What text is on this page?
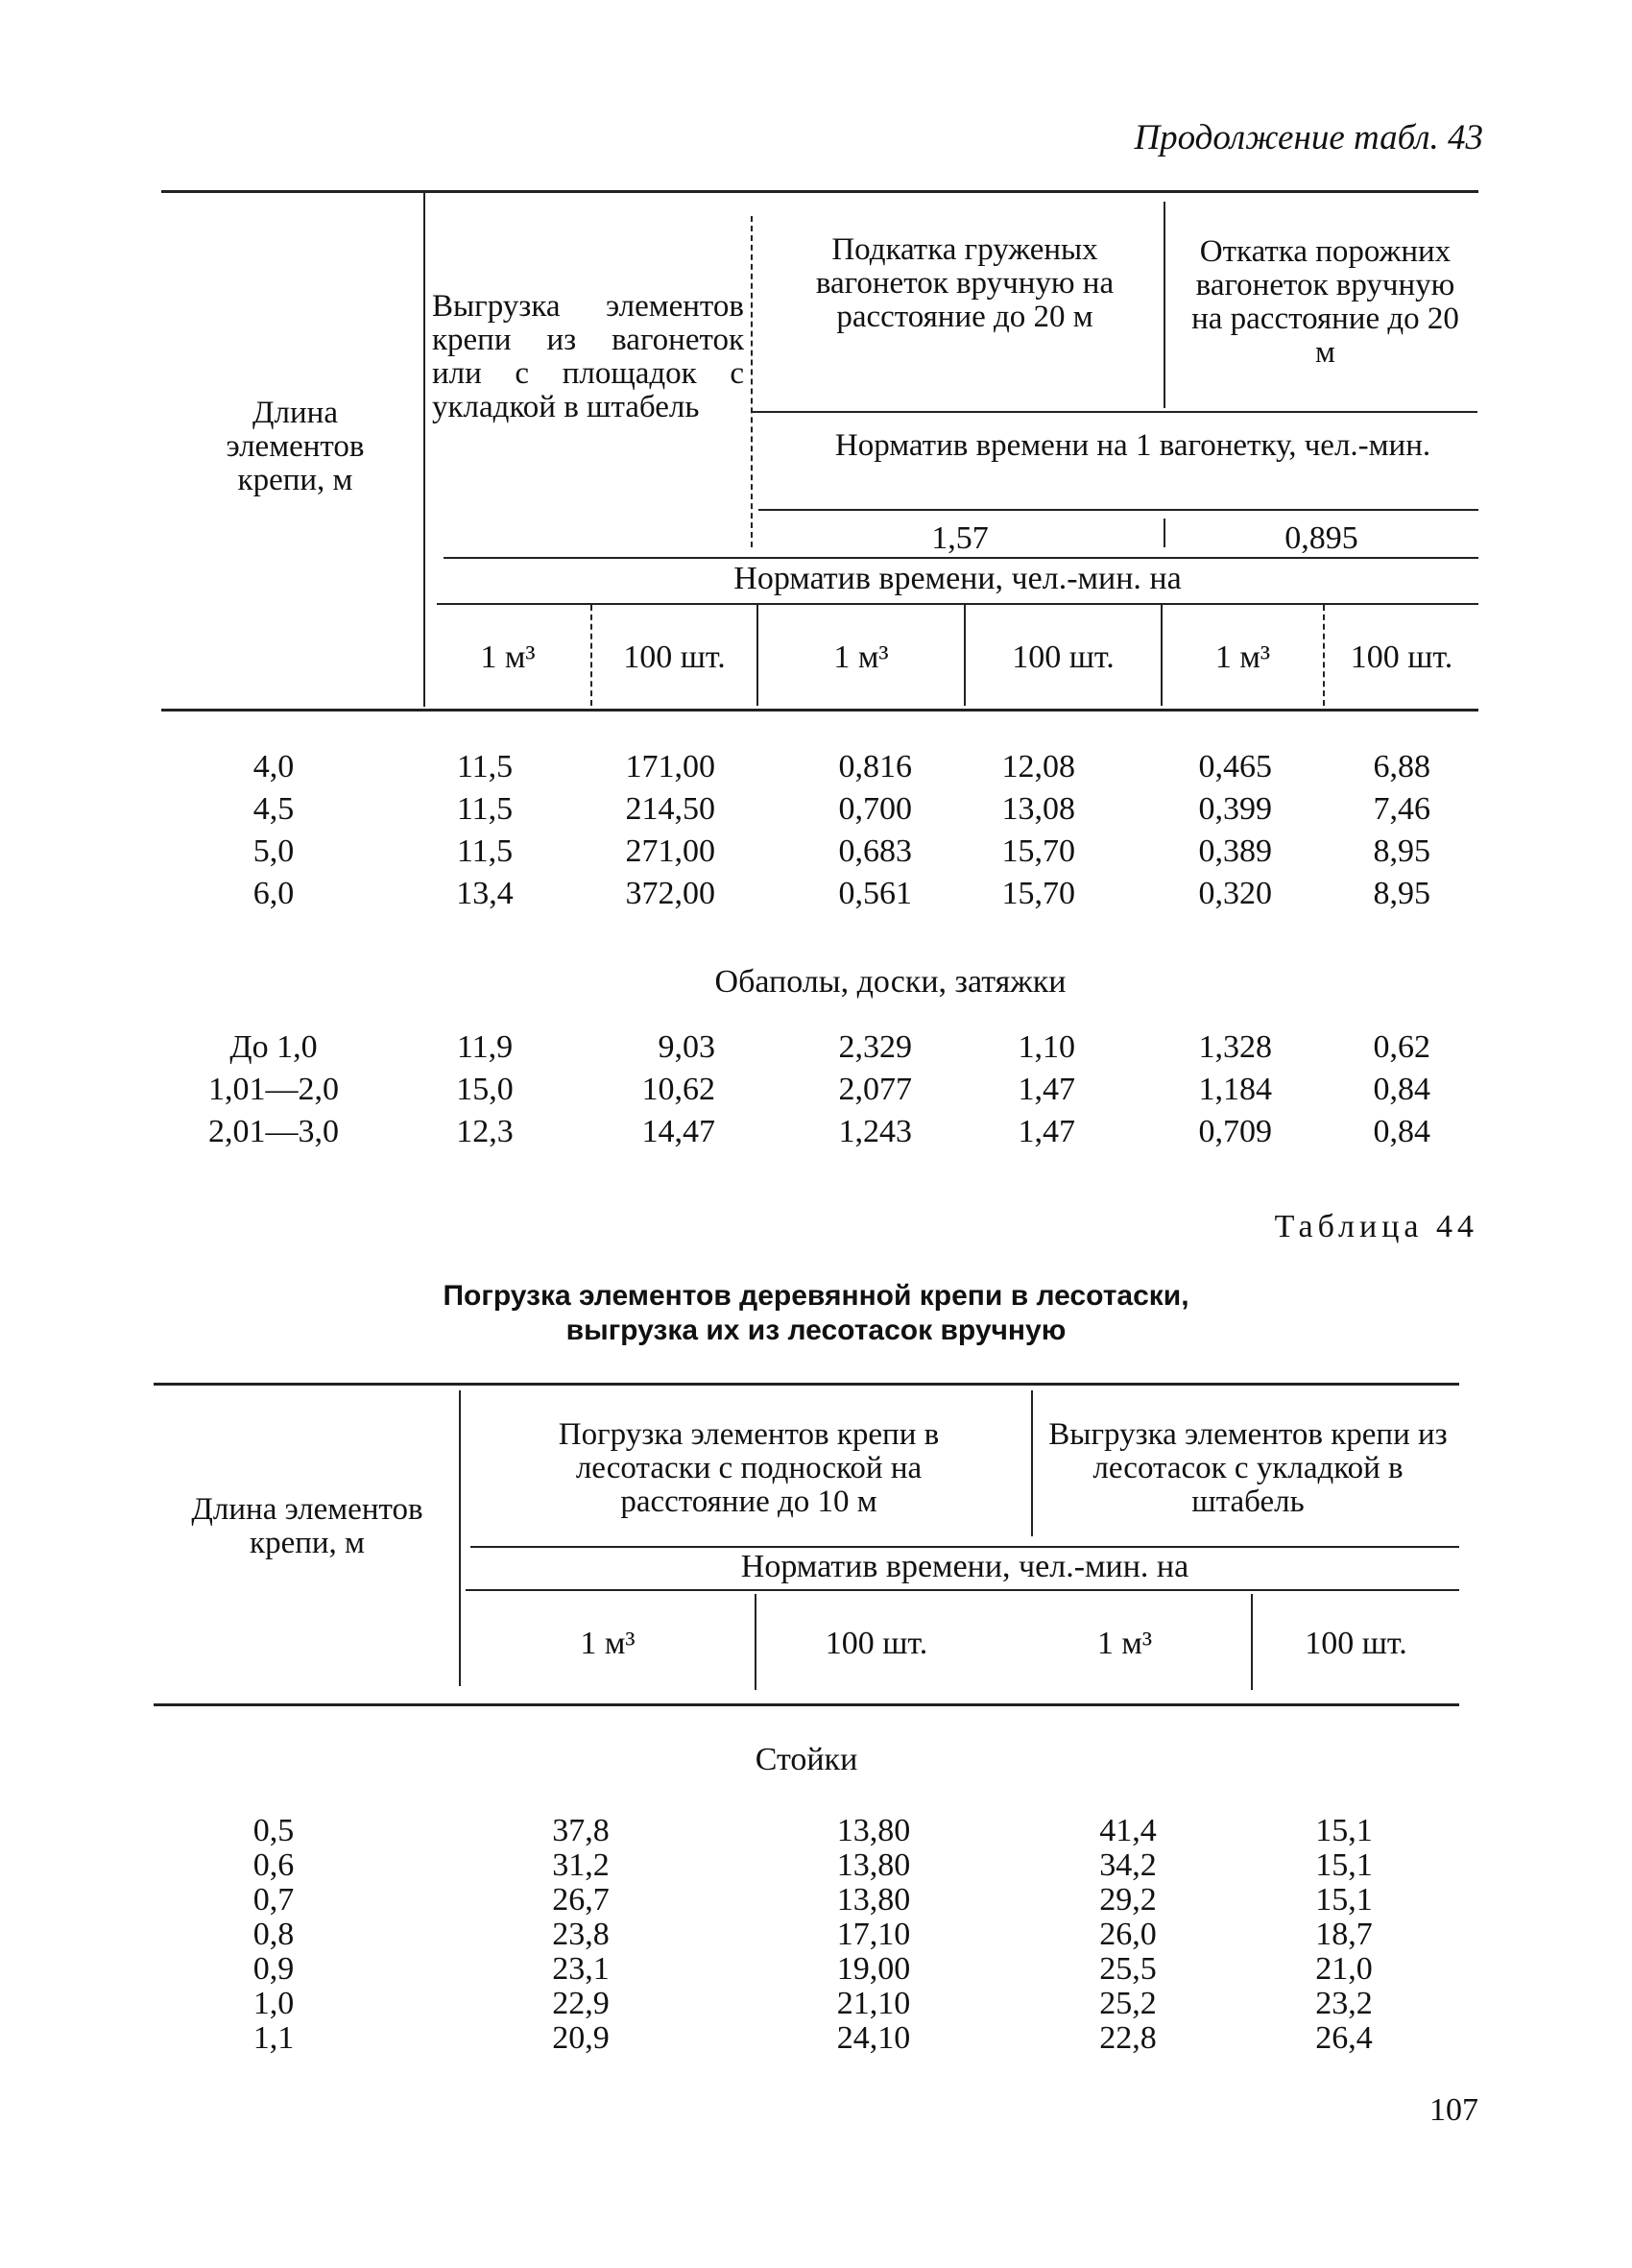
Продолжение табл. 43
Длина элементов крепи, м
Выгрузка элементов крепи из вагонеток или с площадок с укладкой в штабель
Подкатка груженых вагонеток вручную на расстояние до 20 м
Откатка порожних вагонеток вручную на расстояние до 20 м
Норматив времени на 1 вагонетку, чел.-мин.
1,57	0,895
Норматив времени, чел.-мин. на
1 м³	100 шт.	1 м³	100 шт.	1 м³	100 шт.
4,0	11,5	171,00	0,816	12,08	0,465	6,88
4,5	11,5	214,50	0,700	13,08	0,399	7,46
5,0	11,5	271,00	0,683	15,70	0,389	8,95
6,0	13,4	372,00	0,561	15,70	0,320	8,95
Обаполы, доски, затяжки
До 1,0	11,9	9,03	2,329	1,10	1,328	0,62
1,01—2,0	15,0	10,62	2,077	1,47	1,184	0,84
2,01—3,0	12,3	14,47	1,243	1,47	0,709	0,84
Таблица 44
Погрузка элементов деревянной крепи в лесотаски,
выгрузка их из лесотасок вручную
Длина элементов крепи, м
Погрузка элементов крепи в лесотаски с подноской на расстояние до 10 м
Выгрузка элементов крепи из лесотасок с укладкой в штабель
Норматив времени, чел.-мин. на
1 м³	100 шт.	1 м³	100 шт.
Стойки
0,5	37,8	13,80	41,4	15,1
0,6	31,2	13,80	34,2	15,1
0,7	26,7	13,80	29,2	15,1
0,8	23,8	17,10	26,0	18,7
0,9	23,1	19,00	25,5	21,0
1,0	22,9	21,10	25,2	23,2
1,1	20,9	24,10	22,8	26,4
107
